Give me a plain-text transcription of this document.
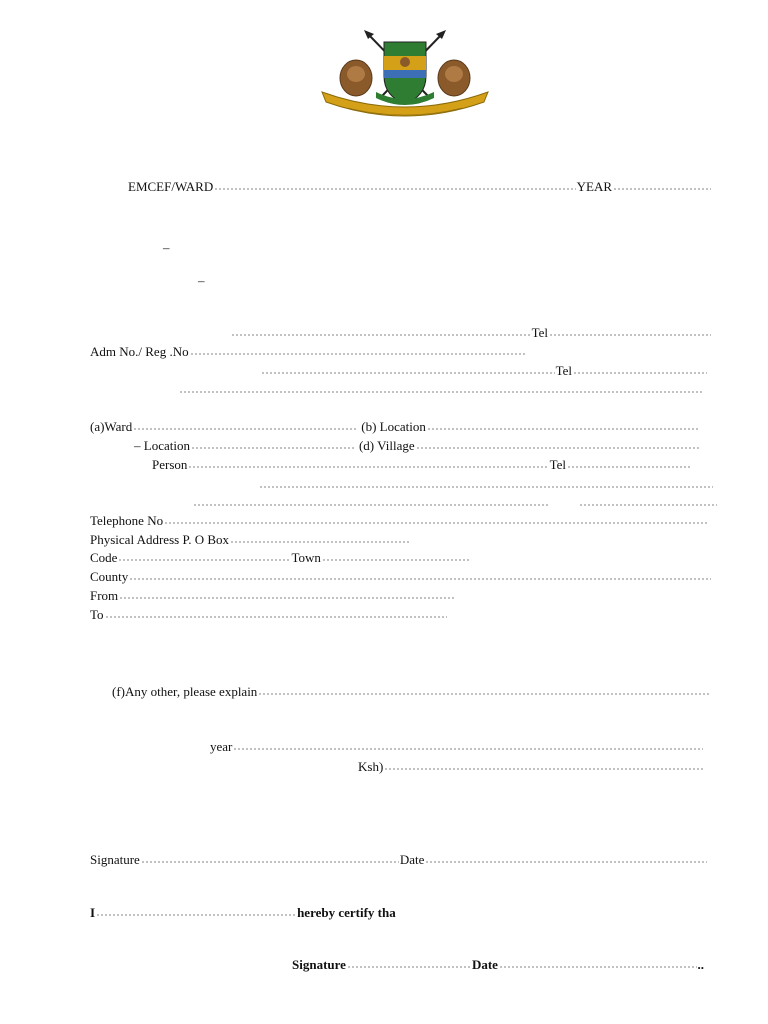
EMCEF/WARD	YEAR
–
–
Tel
Adm No./ Reg .No
Tel
(a)Ward	(b) Location
– Location	(d) Village
Person	Tel
Telephone No
Physical Address P. O Box
Code	Town
County
From
To
(f)Any other, please explain
year
Ksh)
Signature	Date
I	hereby certify tha
Signature	Date	..
